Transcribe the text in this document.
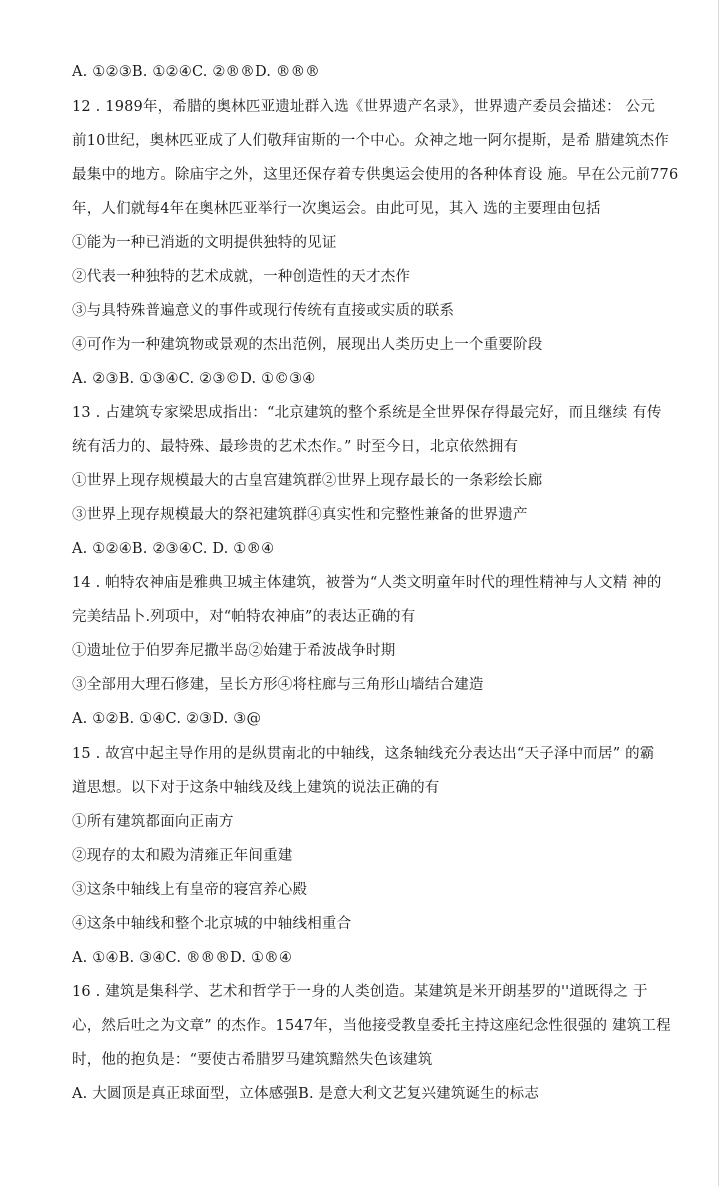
A. ①②③B. ①②④C. ②®®D. ®®®
12 . 1989年，希腊的奥林匹亚遗址群入选《世界遗产名录》，世界遗产委员会描述： 公元
前10世纪，奥林匹亚成了人们敬拜宙斯的一个中心。众神之地一阿尔提斯，是希 腊建筑杰作
最集中的地方。除庙宇之外，这里还保存着专供奥运会使用的各种体育设 施。早在公元前776
年，人们就每4年在奥林匹亚举行一次奥运会。由此可见，其入 选的主要理由包括
①能为一种已消逝的文明提供独特的见证
②代表一种独特的艺术成就，一种创造性的天才杰作
③与具特殊普遍意义的事件或现行传统有直接或实质的联系
④可作为一种建筑物或景观的杰出范例，展现出人类历史上一个重要阶段
A. ②③B. ①③④C. ②③©D. ①©③④
13 . 占建筑专家梁思成指出：“北京建筑的整个系统是全世界保存得最完好，而且继续 有传
统有活力的、最特殊、最珍贵的艺术杰作。” 时至今日，北京依然拥有
①世界上现存规模最大的古皇宫建筑群②世界上现存最长的一条彩绘长廊
③世界上现存规模最大的祭祀建筑群④真实性和完整性兼备的世界遗产
A. ①②④B. ②③④C. D. ①®④
14 . 帕特农神庙是雅典卫城主体建筑，被誉为“人类文明童年时代的理性精神与人文精 神的
完美结品卜.列项中，对“帕特农神庙”的表达正确的有
①遗址位于伯罗奔尼撒半岛②始建于希波战争时期
③全部用大理石修建，呈长方形④将柱廊与三角形山墙结合建造
A. ①②B. ①④C. ②③D. ③@
15 . 故宫中起主导作用的是纵贯南北的中轴线，这条轴线充分表达出“天子泽中而居” 的霸
道思想。以下对于这条中轴线及线上建筑的说法正确的有
①所有建筑都面向正南方
②现存的太和殿为清雍正年间重建
③这条中轴线上有皇帝的寝宫养心殿
④这条中轴线和整个北京城的中轴线相重合
A. ①④B. ③④C. ®®®D. ①®④
16 . 建筑是集科学、艺术和哲学于一身的人类创造。某建筑是米开朗基罗的''道既得之 于
心，然后吐之为文章” 的杰作。1547年，当他接受教皇委托主持这座纪念性很强的 建筑工程
时，他的抱负是：“要使古希腊罗马建筑黯然失色该建筑
A. 大圆顶是真正球面型，立体感强B. 是意大利文艺复兴建筑诞生的标志
